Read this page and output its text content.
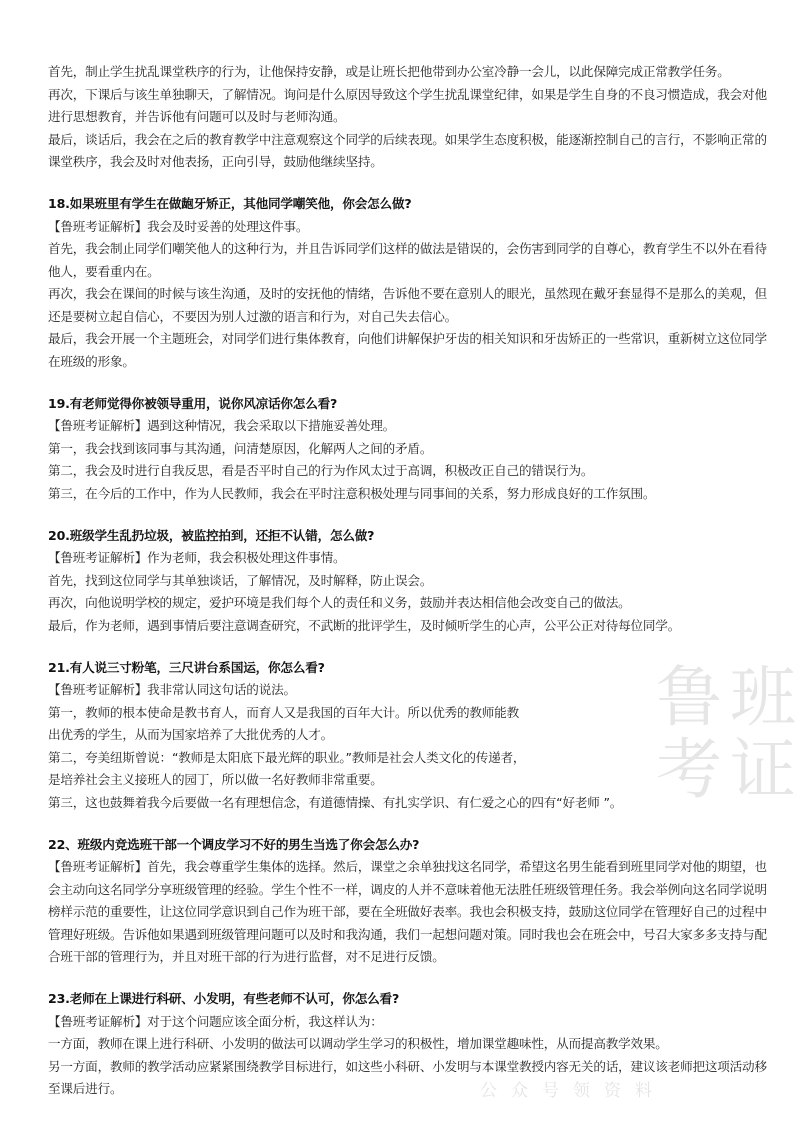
鲁 班
考 证
公 众 号 领 资 料
首先，制止学生扰乱课堂秩序的行为，让他保持安静，或是让班长把他带到办公室冷静一会儿，以此保障完成正常教学任务。
再次，下课后与该生单独聊天，了解情况。询问是什么原因导致这个学生扰乱课堂纪律，如果是学生自身的不良习惯造成，我会对他
进行思想教育，并告诉他有问题可以及时与老师沟通。
最后，谈话后，我会在之后的教育教学中注意观察这个同学的后续表现。如果学生态度积极，能逐渐控制自己的言行，不影响正常的
课堂秩序，我会及时对他表扬，正向引导，鼓励他继续坚持。
18.如果班里有学生在做龅牙矫正，其他同学嘲笑他，你会怎么做?
【鲁班考证解析】我会及时妥善的处理这件事。
首先，我会制止同学们嘲笑他人的这种行为，并且告诉同学们这样的做法是错误的，会伤害到同学的自尊心，教育学生不以外在看待
他人，要看重内在。
再次，我会在课间的时候与该生沟通，及时的安抚他的情绪，告诉他不要在意别人的眼光，虽然现在戴牙套显得不是那么的美观，但
还是要树立起自信心，不要因为别人过激的语言和行为，对自己失去信心。
最后，我会开展一个主题班会，对同学们进行集体教育，向他们讲解保护牙齿的相关知识和牙齿矫正的一些常识，重新树立这位同学
在班级的形象。
19.有老师觉得你被领导重用，说你风凉话你怎么看?
【鲁班考证解析】遇到这种情况，我会采取以下措施妥善处理。
第一，我会找到该同事与其沟通，问清楚原因，化解两人之间的矛盾。
第二，我会及时进行自我反思，看是否平时自己的行为作风太过于高调，积极改正自己的错误行为。
第三，在今后的工作中，作为人民教师，我会在平时注意积极处理与同事间的关系，努力形成良好的工作氛围。
20.班级学生乱扔垃圾，被监控拍到，还拒不认错，怎么做?
【鲁班考证解析】作为老师，我会积极处理这件事情。
首先，找到这位同学与其单独谈话，了解情况，及时解释，防止误会。
再次，向他说明学校的规定，爱护环境是我们每个人的责任和义务，鼓励并表达相信他会改变自己的做法。
最后，作为老师，遇到事情后要注意调查研究，不武断的批评学生，及时倾听学生的心声，公平公正对待每位同学。
21.有人说三寸粉笔，三尺讲台系国运，你怎么看?
【鲁班考证解析】我非常认同这句话的说法。
第一，教师的根本使命是教书育人，而育人又是我国的百年大计。所以优秀的教师能教
出优秀的学生，从而为国家培养了大批优秀的人才。
第二，夸美纽斯曾说：“教师是太阳底下最光辉的职业。”教师是社会人类文化的传递者，
是培养社会主义接班人的园丁，所以做一名好教师非常重要。
第三，这也鼓舞着我今后要做一名有理想信念，有道德情操、有扎实学识、有仁爱之心的四有“好老师 ”。
22、班级内竞选班干部一个调皮学习不好的男生当选了你会怎么办?
【鲁班考证解析】首先，我会尊重学生集体的选择。然后，课堂之余单独找这名同学，希望这名男生能看到班里同学对他的期望，也
会主动向这名同学分享班级管理的经验。学生个性不一样，调皮的人并不意味着他无法胜任班级管理任务。我会举例向这名同学说明
榜样示范的重要性，让这位同学意识到自己作为班干部，要在全班做好表率。我也会积极支持，鼓励这位同学在管理好自己的过程中
管理好班级。告诉他如果遇到班级管理问题可以及时和我沟通，我们一起想问题对策。同时我也会在班会中，号召大家多多支持与配
合班干部的管理行为，并且对班干部的行为进行监督，对不足进行反馈。
23.老师在上课进行科研、小发明，有些老师不认可，你怎么看?
【鲁班考证解析】对于这个问题应该全面分析，我这样认为：
一方面，教师在课上进行科研、小发明的做法可以调动学生学习的积极性，增加课堂趣味性，从而提高教学效果。
另一方面，教师的教学活动应紧紧围绕教学目标进行，如这些小科研、小发明与本课堂教授内容无关的话，建议该老师把这项活动移
至课后进行。
